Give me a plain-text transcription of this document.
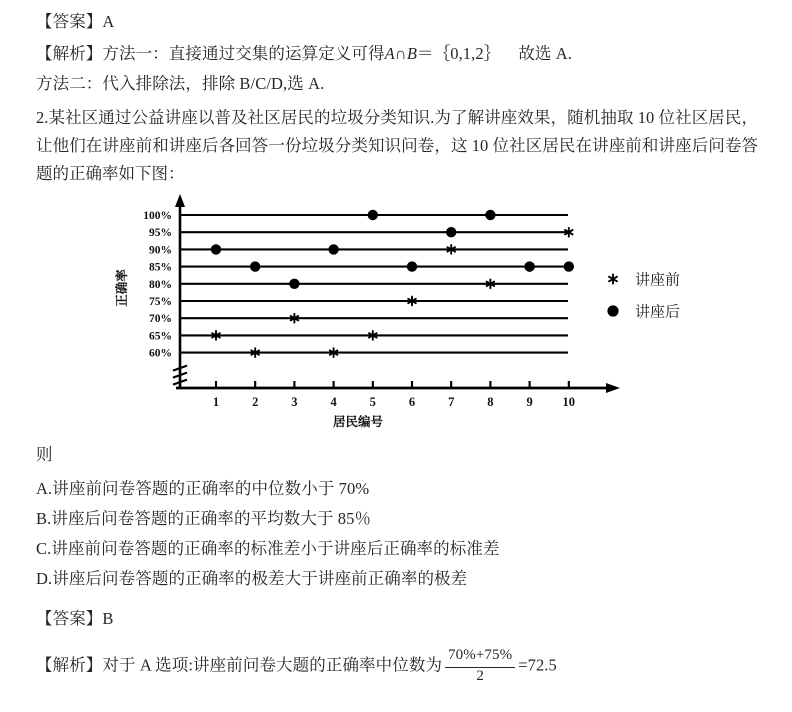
【答案】A
【解析】方法一：直接通过交集的运算定义可得A∩B＝｛0,1,2｝ 故选 A.
方法二：代入排除法，排除 B/C/D,选 A.
2.某社区通过公益讲座以普及社区居民的垃圾分类知识.为了解讲座效果，随机抽取 10 位社区居民，让他们在讲座前和讲座后各回答一份垃圾分类知识问卷，这 10 位社区居民在讲座前和讲座后问卷答题的正确率如下图：
100%
95%
90%
85%
80%
75%
70%
65%
60%
1	2	3	4	5	6	7	8	9 10
居民编号
正确率	讲座前
讲座后
则
A.讲座前问卷答题的正确率的中位数小于 70%
B.讲座后问卷答题的正确率的平均数大于 85％
C.讲座前问卷答题的正确率的标准差小于讲座后正确率的标准差
D.讲座后问卷答题的正确率的极差大于讲座前正确率的极差
【答案】B
【解析】对于 A 选项:讲座前问卷大题的正确率中位数为 $\frac{70\%+75\%}{2} =72.5$
